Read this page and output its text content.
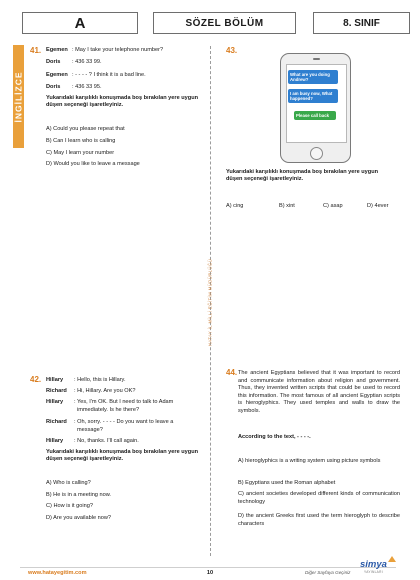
A	SÖZEL BÖLÜM	8. SINIF
İNGİLİZCE
HATAY İL MİLLİ EĞİTİM MÜDÜRLÜĞÜ
41. Egemen : May I take your telephone number?
Doris : 436 33 99.
Egemen : - - - - ? I think it is a bad line.
Doris : 436 33 95.
Yukarıdaki karşılıklı konuşmada boş bırakılan yere uygun düşen seçeneği işaretleyiniz.
A) Could you please repeat that
B) Can I learn who is calling
C) May I learn your number
D) Would you like to leave a message
43.
What are you doing Andrew?
I am busy now, What happened?
Please call back
Yukarıdaki karşılıklı konuşmada boş bırakılan yere uygun düşen seçeneği işaretleyiniz.
A) cing	B) xint	C) asap	D) 4ever
42. Hillary : Hello, this is Hillary.
Richard : Hi, Hillary. Are you OK?
Hillary : Yes, I'm OK. But I need to talk to Adam
immediately. Is he there?
Richard : Oh, sorry. - - - - Do you want to leave a
message?
Hillary : No, thanks. I'll call again.
Yukarıdaki karşılıklı konuşmada boş bırakılan yere uygun düşen seçeneği işaretleyiniz.
A) Who is calling?
B) He is in a meeting now.
C) How is it going?
D) Are you available now?
44. The ancient Egyptians believed that it was important to record and communicate information about religion and government. Thus, they invented written scripts that could be used to record this information. The most famous of all ancient Egyptian scripts is hieroglyphics. They used temples and walls to draw the symbols.
According to the text, - - - -.
A) hieroglyphics is a writing system using picture symbols
B) Egyptians used the Roman alphabet
C) ancient societies developed different kinds of communication technology
D) the ancient Greeks first used the term hieroglyph to describe characters
www.hatayegitim.com	10	Diğer Sayfaya Geçiniz
simya
YAYINLARI
